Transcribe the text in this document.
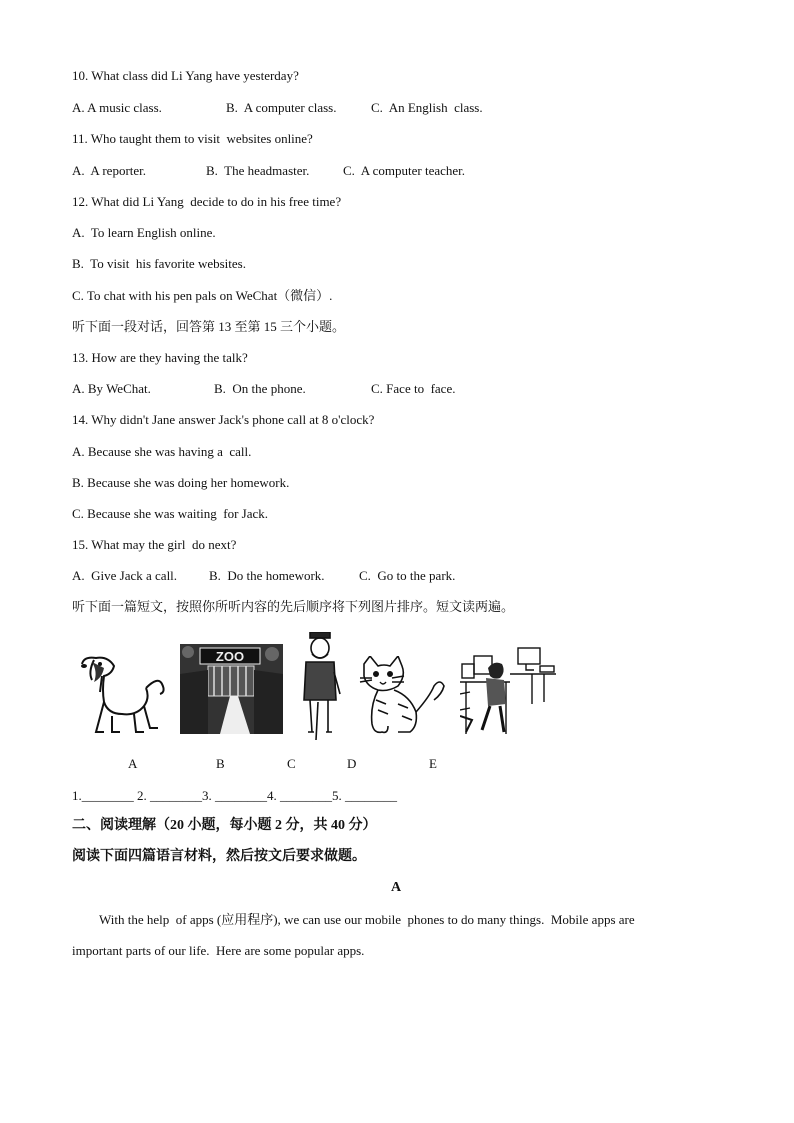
10. What class did Li Yang have yesterday?
A. A music class.	B.  A computer class.	C.  An English  class.
11. Who taught them to visit  websites online?
A.  A reporter.	B.  The headmaster.	C.  A computer teacher.
12. What did Li Yang  decide to do in his free time?
A.  To learn English online.
B.  To visit  his favorite websites.
C. To chat with his pen pals on WeChat（微信）.
听下面一段对话，回答第 13 至第 15 三个小题。
13. How are they having the talk?
A. By WeChat.	B.  On the phone.	C. Face to  face.
14. Why didn't Jane answer Jack's phone call at 8 o'clock?
A. Because she was having a  call.
B. Because she was doing her homework.
C. Because she was waiting  for Jack.
15. What may the girl  do next?
A.  Give Jack a call. B.  Do the homework.	C.  Go to the park.
听下面一篇短文，按照你所听内容的先后顺序将下列图片排序。短文读两遍。
ZOO
A	B	C	D	E
1.________ 2. ________3. ________4. ________5. ________
二、阅读理解（20 小题，每小题 2 分，共 40 分）
阅读下面四篇语言材料，然后按文后要求做题。
A
With the help  of apps (应用程序), we can use our mobile  phones to do many things.  Mobile apps are
important parts of our life.  Here are some popular apps.
